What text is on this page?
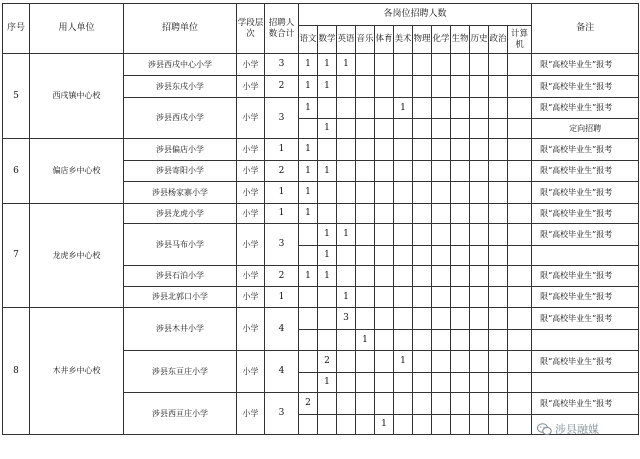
序号	用人单位	招聘单位	学段层次	招聘人数合计	各岗位招聘人数												备注
					语文	数学	英语	音乐	体育	美术	物理	化学	生物	历史	政治	计算机	
5	西戌镇中心校	涉县西戌中心小学	小学	3	1	1	1										限“高校毕业生”报考
		涉县东戌小学	小学	2	1	1											限“高校毕业生”报考
		涉县西戌小学	小学	3	1					1							限“高校毕业生”报考
						1											定向招聘
6	偏店乡中心校	涉县偏店小学	小学	1	1												限“高校毕业生”报考
		涉县寄阳小学	小学	2	1	1											限“高校毕业生”报考
		涉县杨家寨小学	小学	1	1												限“高校毕业生”报考
7	龙虎乡中心校	涉县龙虎小学	小学	1	1												限“高校毕业生”报考
		涉县马布小学	小学	3		1	1										限“高校毕业生”报考
						1											
		涉县石泊小学	小学	2	1	1											限“高校毕业生”报考
		涉县北郭口小学	小学	1			1										限“高校毕业生”报考
8	木井乡中心校	涉县木井小学	小学	4			3										限“高校毕业生”报考
								1									
		涉县东亘庄小学	小学	4		2				1							限“高校毕业生”报考
						1											
		涉县西亘庄小学	小学	3	2												限“高校毕业生”报考
									1									涉县融媒
